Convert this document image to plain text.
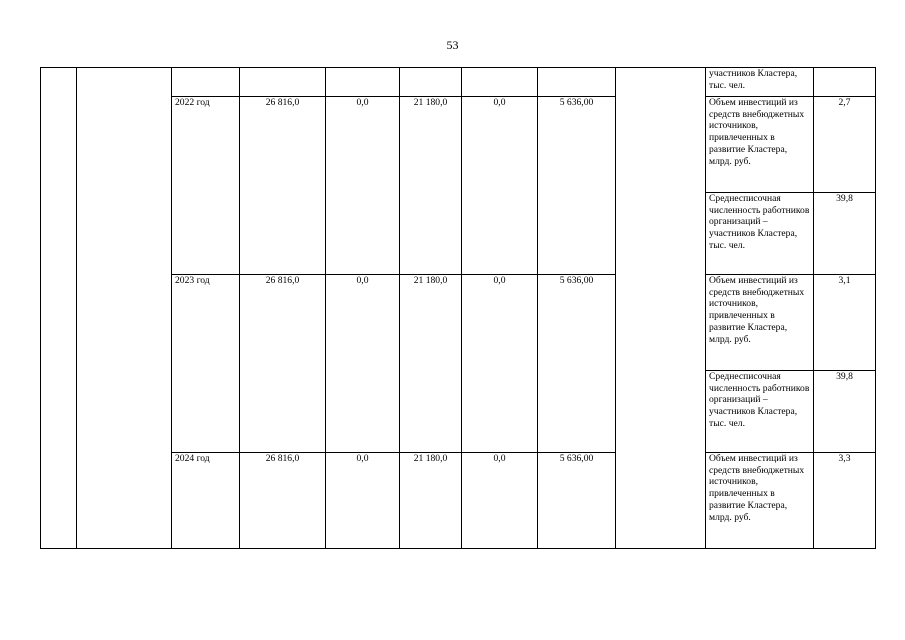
53
									участников Кластера, тыс. чел.	
		2022 год	26 816,0	0,0	21 180,0	0,0	5 636,00		Объем инвестиций из средств внебюджетных источников, привлеченных в развитие Кластера, млрд. руб.	2,7
									Среднесписочная численность работников организаций – участников Кластера, тыс. чел.	39,8
		2023 год	26 816,0	0,0	21 180,0	0,0	5 636,00		Объем инвестиций из средств внебюджетных источников, привлеченных в развитие Кластера, млрд. руб.	3,1
									Среднесписочная численность работников организаций – участников Кластера, тыс. чел.	39,8
		2024 год	26 816,0	0,0	21 180,0	0,0	5 636,00		Объем инвестиций из средств внебюджетных источников, привлеченных в развитие Кластера, млрд. руб.	3,3
